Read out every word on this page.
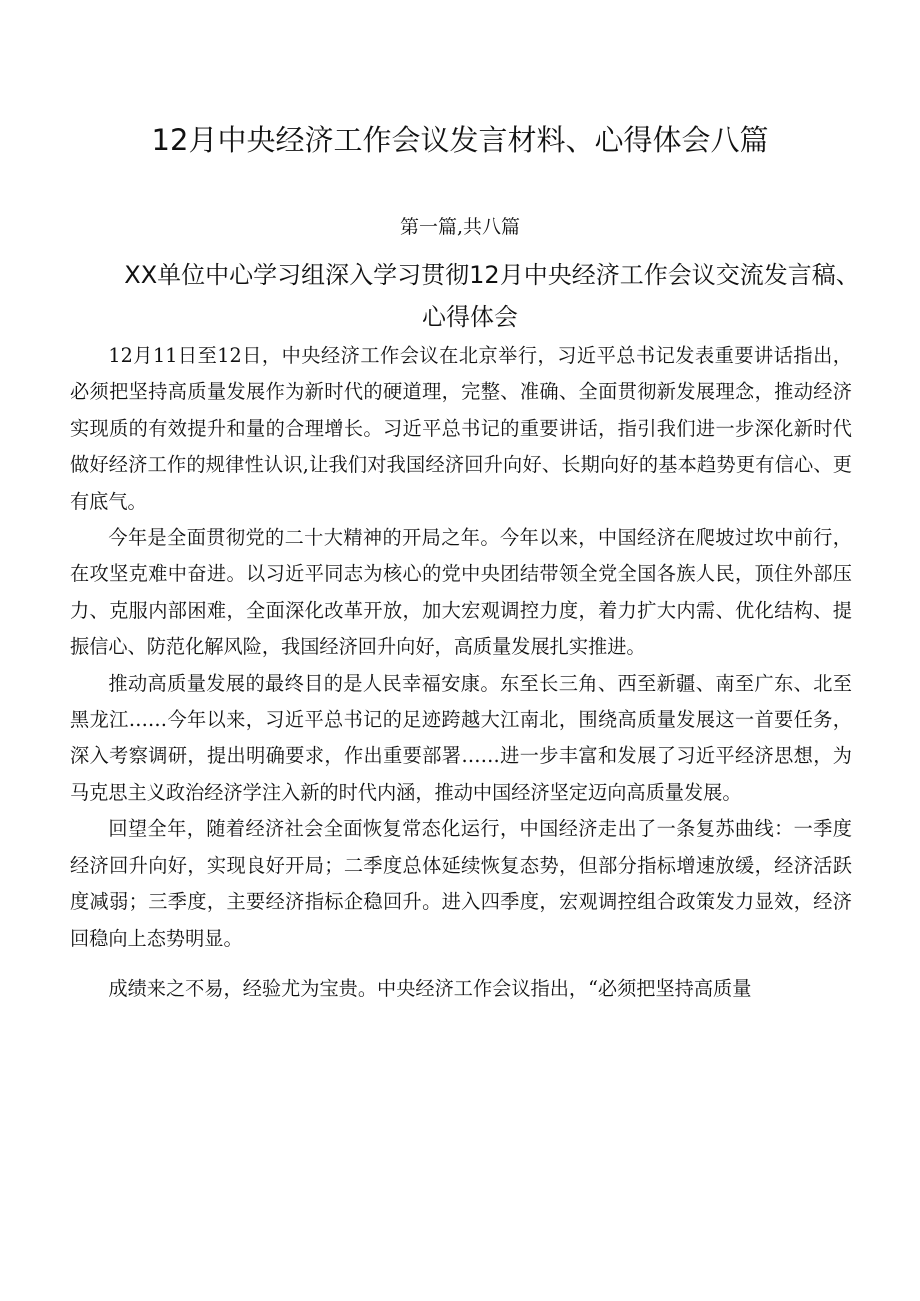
12月中央经济工作会议发言材料、心得体会八篇
第一篇,共八篇
XX单位中心学习组深入学习贯彻12月中央经济工作会议交流发言稿、心得体会

12月11日至12日，中央经济工作会议在北京举行，习近平总书记发表重要讲话指出，必须把坚持高质量发展作为新时代的硬道理，完整、准确、全面贯彻新发展理念，推动经济实现质的有效提升和量的合理增长。习近平总书记的重要讲话，指引我们进一步深化新时代做好经济工作的规律性认识,让我们对我国经济回升向好、长期向好的基本趋势更有信心、更有底气。

今年是全面贯彻党的二十大精神的开局之年。今年以来，中国经济在爬坡过坎中前行，在攻坚克难中奋进。以习近平同志为核心的党中央团结带领全党全国各族人民，顶住外部压力、克服内部困难，全面深化改革开放，加大宏观调控力度，着力扩大内需、优化结构、提振信心、防范化解风险，我国经济回升向好，高质量发展扎实推进。

推动高质量发展的最终目的是人民幸福安康。东至长三角、西至新疆、南至广东、北至黑龙江……今年以来，习近平总书记的足迹跨越大江南北，围绕高质量发展这一首要任务，深入考察调研，提出明确要求，作出重要部署……进一步丰富和发展了习近平经济思想，为马克思主义政治经济学注入新的时代内涵，推动中国经济坚定迈向高质量发展。

回望全年，随着经济社会全面恢复常态化运行，中国经济走出了一条复苏曲线：一季度经济回升向好，实现良好开局；二季度总体延续恢复态势，但部分指标增速放缓，经济活跃度减弱；三季度，主要经济指标企稳回升。进入四季度，宏观调控组合政策发力显效，经济回稳向上态势明显。

成绩来之不易，经验尤为宝贵。中央经济工作会议指出，“必须把坚持高质量
